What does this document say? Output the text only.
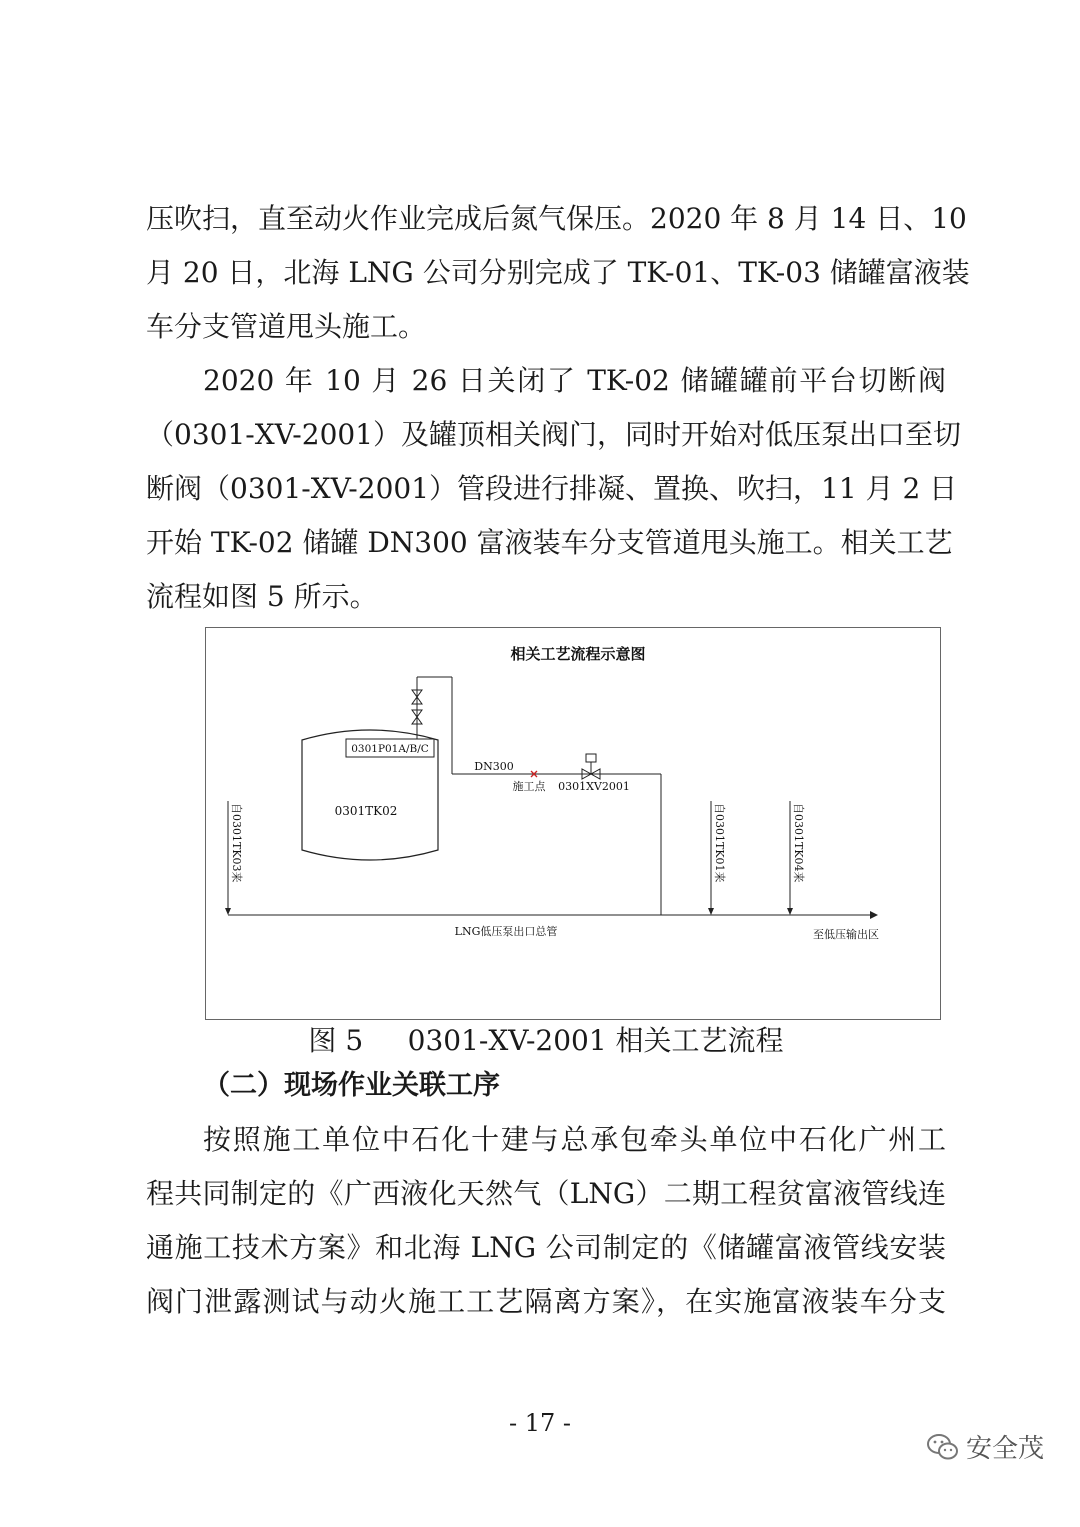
压吹扫，直至动火作业完成后氮气保压。2020 年 8 月 14 日、10
月 20 日，北海 LNG 公司分别完成了 TK-01、TK-03 储罐富液装
车分支管道甩头施工。
2020 年 10 月 26 日关闭了 TK-02 储罐罐前平台切断阀
（0301-XV-2001）及罐顶相关阀门，同时开始对低压泵出口至切
断阀（0301-XV-2001）管段进行排凝、置换、吹扫，11 月 2 日
开始 TK-02 储罐 DN300 富液装车分支管道甩头施工。相关工艺
流程如图 5 所示。
相关工艺流程示意图
0301TK02
0301P01A/B/C
DN300
施工点 0301XV2001
LNG低压泵出口总管	至低压输出区
自0301TK03来	自0301TK01来	自0301TK04来
图 5     0301-XV-2001 相关工艺流程
（二）现场作业关联工序
按照施工单位中石化十建与总承包牵头单位中石化广州工
程共同制定的《广西液化天然气（LNG）二期工程贫富液管线连
通施工技术方案》和北海 LNG 公司制定的《储罐富液管线安装
阀门泄露测试与动火施工工艺隔离方案》，在实施富液装车分支
- 17 -
安全茂
